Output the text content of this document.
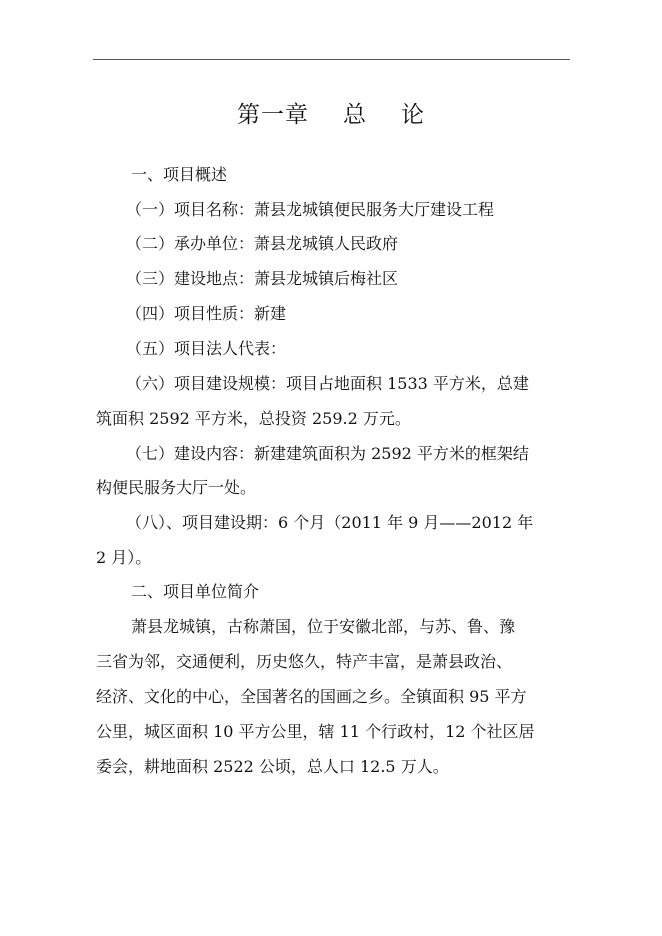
第一章 总 论
一、项目概述
（一）项目名称：萧县龙城镇便民服务大厅建设工程
（二）承办单位：萧县龙城镇人民政府
（三）建设地点：萧县龙城镇后梅社区
（四）项目性质：新建
（五）项目法人代表：
（六）项目建设规模：项目占地面积 1533 平方米，总建
筑面积 2592 平方米，总投资 259.2 万元。
（七）建设内容：新建建筑面积为 2592 平方米的框架结
构便民服务大厅一处。
（八）、项目建设期：6 个月（2011 年 9 月——2012 年
2 月）。
二、项目单位简介
萧县龙城镇，古称萧国，位于安徽北部，与苏、鲁、豫
三省为邻，交通便利，历史悠久，特产丰富，是萧县政治、
经济、文化的中心，全国著名的国画之乡。全镇面积 95 平方
公里，城区面积 10 平方公里，辖 11 个行政村，12 个社区居
委会，耕地面积 2522 公顷，总人口 12.5 万人。
